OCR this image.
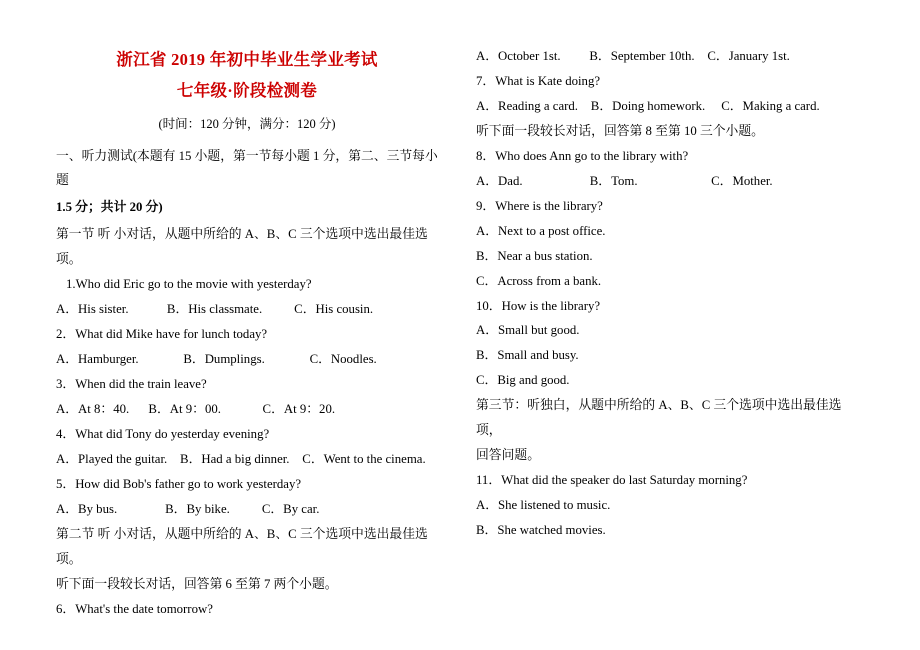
浙江省 2019 年初中毕业生学业考试
七年级·阶段检测卷
(时间：120 分钟，满分：120 分)
一、听力测试(本题有 15 小题，第一节每小题 1 分，第二、三节每小题
1.5 分；共计 20 分)
第一节 听 小对话，从题中所给的 A、B、C 三个选项中选出最佳选项。
1.Who did Eric go to the movie with yesterday?
A．His sister.            B．His classmate.          C．His cousin.
2．What did Mike have for lunch today?
A．Hamburger.              B．Dumplings.              C．Noodles.
3．When did the train leave?
A．At 8：40.      B．At 9：00.             C．At 9：20.
4．What did Tony do yesterday evening?
A．Played the guitar.    B．Had a big dinner.    C．Went to the cinema.
5．How did Bob's father go to work yesterday?
A．By bus.               B．By bike.          C．By car.
第二节 听 小对话，从题中所给的 A、B、C 三个选项中选出最佳选项。
听下面一段较长对话，回答第 6 至第 7 两个小题。
6．What's the date tomorrow?
A．October 1st.         B．September 10th.    C．January 1st.
7．What is Kate doing?
A．Reading a card.    B．Doing homework.     C．Making a card.
听下面一段较长对话，回答第 8 至第 10 三个小题。
8．Who does Ann go to the library with?
A．Dad.                     B．Tom.                       C．Mother.
9．Where is the library?
A．Next to a post office.
B．Near a bus station.
C．Across from a bank.
10．How is the library?
A．Small but good.
B．Small and busy.
C．Big and good.
第三节：听独白，从题中所给的 A、B、C 三个选项中选出最佳选项，
回答问题。
11．What did the speaker do last Saturday morning?
A．She listened to music.
B．She watched movies.
